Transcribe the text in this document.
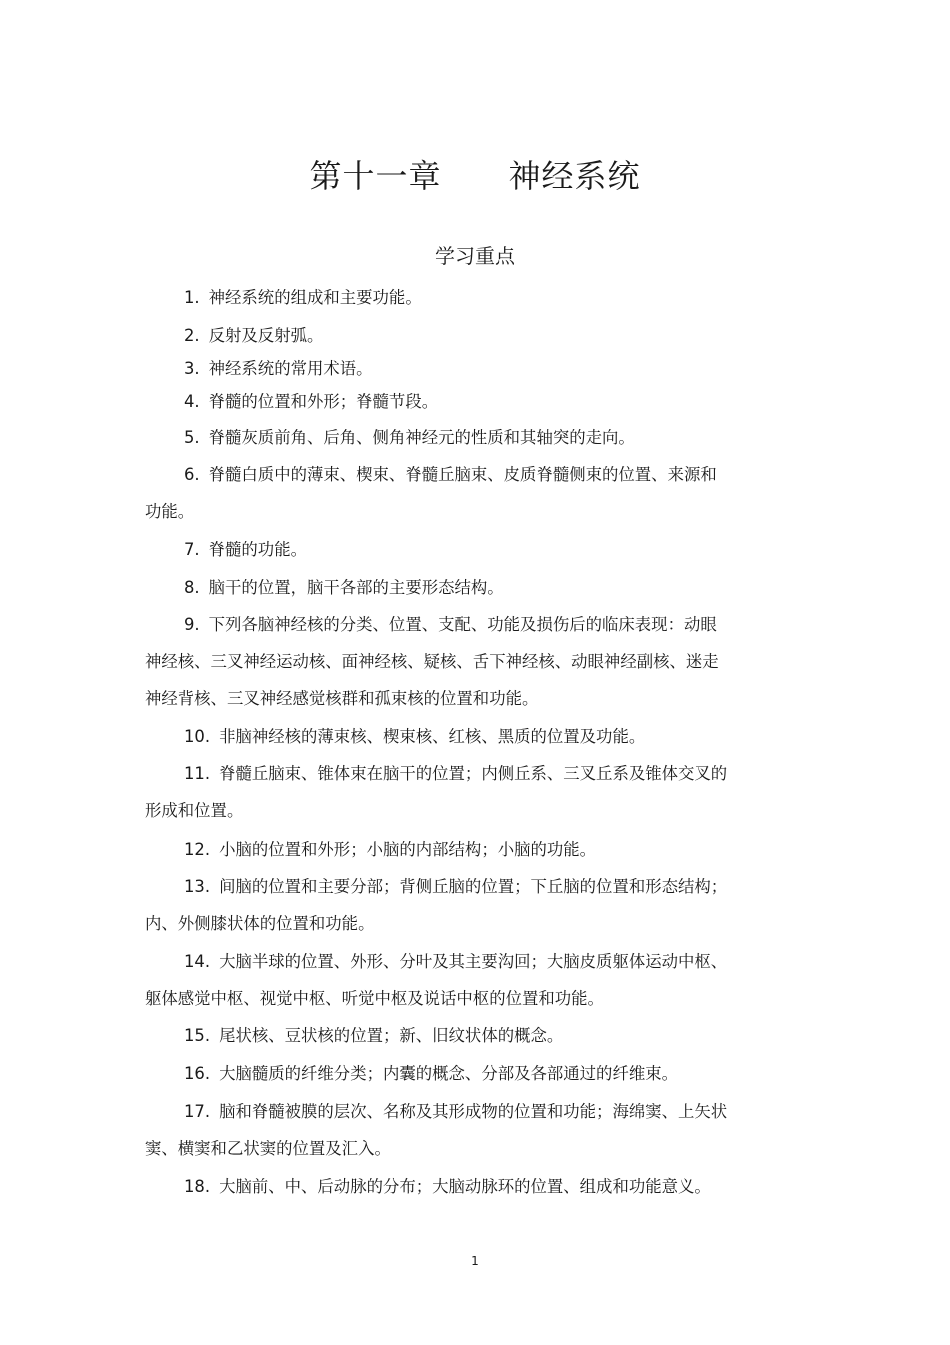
第十一章      神经系统
学习重点
1. 神经系统的组成和主要功能。
2. 反射及反射弧。
3. 神经系统的常用术语。
4. 脊髓的位置和外形；脊髓节段。
5. 脊髓灰质前角、后角、侧角神经元的性质和其轴突的走向。
6. 脊髓白质中的薄束、楔束、脊髓丘脑束、皮质脊髓侧束的位置、来源和
功能。
7. 脊髓的功能。
8. 脑干的位置，脑干各部的主要形态结构。
9. 下列各脑神经核的分类、位置、支配、功能及损伤后的临床表现：动眼
神经核、三叉神经运动核、面神经核、疑核、舌下神经核、动眼神经副核、迷走
神经背核、三叉神经感觉核群和孤束核的位置和功能。
10. 非脑神经核的薄束核、楔束核、红核、黑质的位置及功能。
11. 脊髓丘脑束、锥体束在脑干的位置；内侧丘系、三叉丘系及锥体交叉的
形成和位置。
12. 小脑的位置和外形；小脑的内部结构；小脑的功能。
13. 间脑的位置和主要分部；背侧丘脑的位置；下丘脑的位置和形态结构；
内、外侧膝状体的位置和功能。
14. 大脑半球的位置、外形、分叶及其主要沟回；大脑皮质躯体运动中枢、
躯体感觉中枢、视觉中枢、听觉中枢及说话中枢的位置和功能。
15. 尾状核、豆状核的位置；新、旧纹状体的概念。
16. 大脑髓质的纤维分类；内囊的概念、分部及各部通过的纤维束。
17. 脑和脊髓被膜的层次、名称及其形成物的位置和功能；海绵窦、上矢状
窦、横窦和乙状窦的位置及汇入。
18. 大脑前、中、后动脉的分布；大脑动脉环的位置、组成和功能意义。
1
